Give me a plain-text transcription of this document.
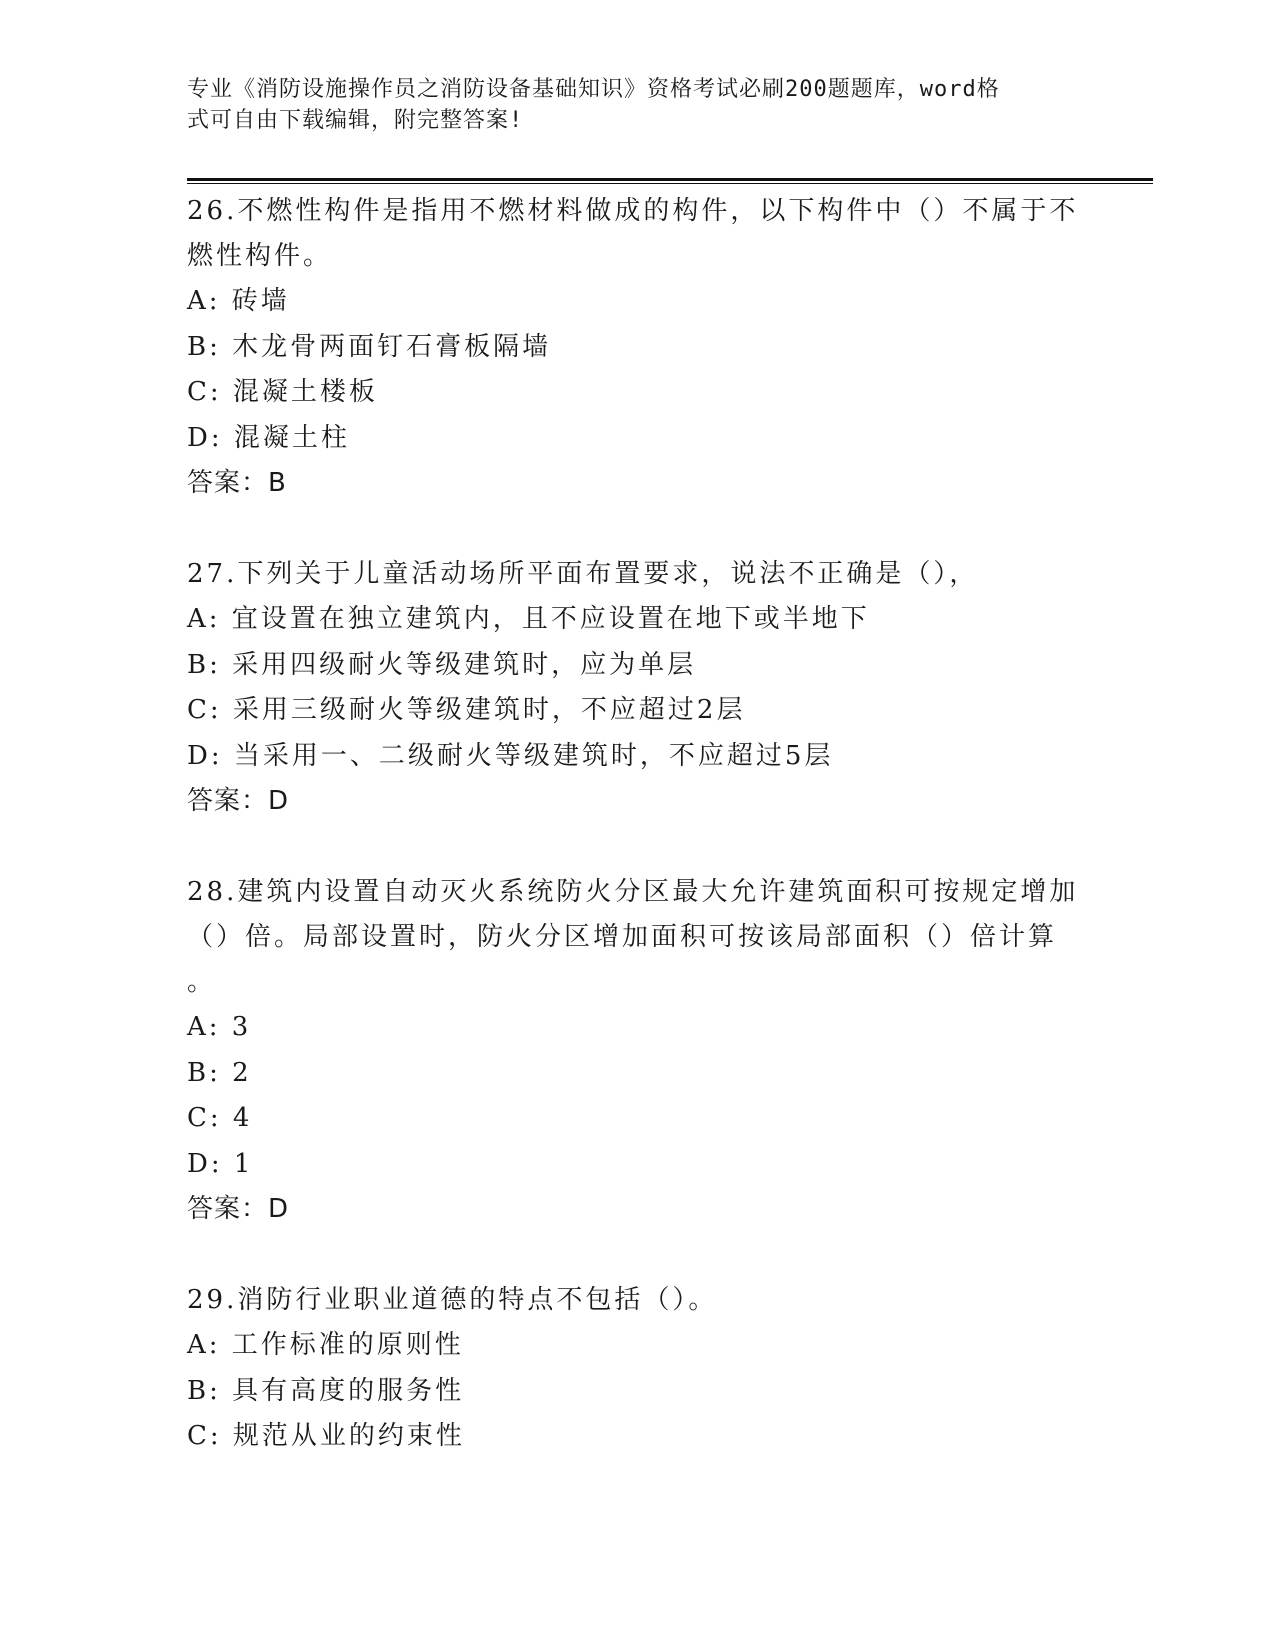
专业《消防设施操作员之消防设备基础知识》资格考试必刷200题题库，word格
式可自由下载编辑，附完整答案!
26.不燃性构件是指用不燃材料做成的构件，以下构件中（）不属于不
燃性构件。
A: 砖墙
B: 木龙骨两面钉石膏板隔墙
C: 混凝土楼板
D: 混凝土柱
答案：B
27.下列关于儿童活动场所平面布置要求，说法不正确是（），
A: 宜设置在独立建筑内，且不应设置在地下或半地下
B: 采用四级耐火等级建筑时，应为单层
C: 采用三级耐火等级建筑时，不应超过2层
D: 当采用一、二级耐火等级建筑时，不应超过5层
答案：D
28.建筑内设置自动灭火系统防火分区最大允许建筑面积可按规定增加
（）倍。局部设置时，防火分区增加面积可按该局部面积（）倍计算
。
A: 3
B: 2
C: 4
D: 1
答案：D
29.消防行业职业道德的特点不包括（）。
A: 工作标准的原则性
B: 具有高度的服务性
C: 规范从业的约束性
